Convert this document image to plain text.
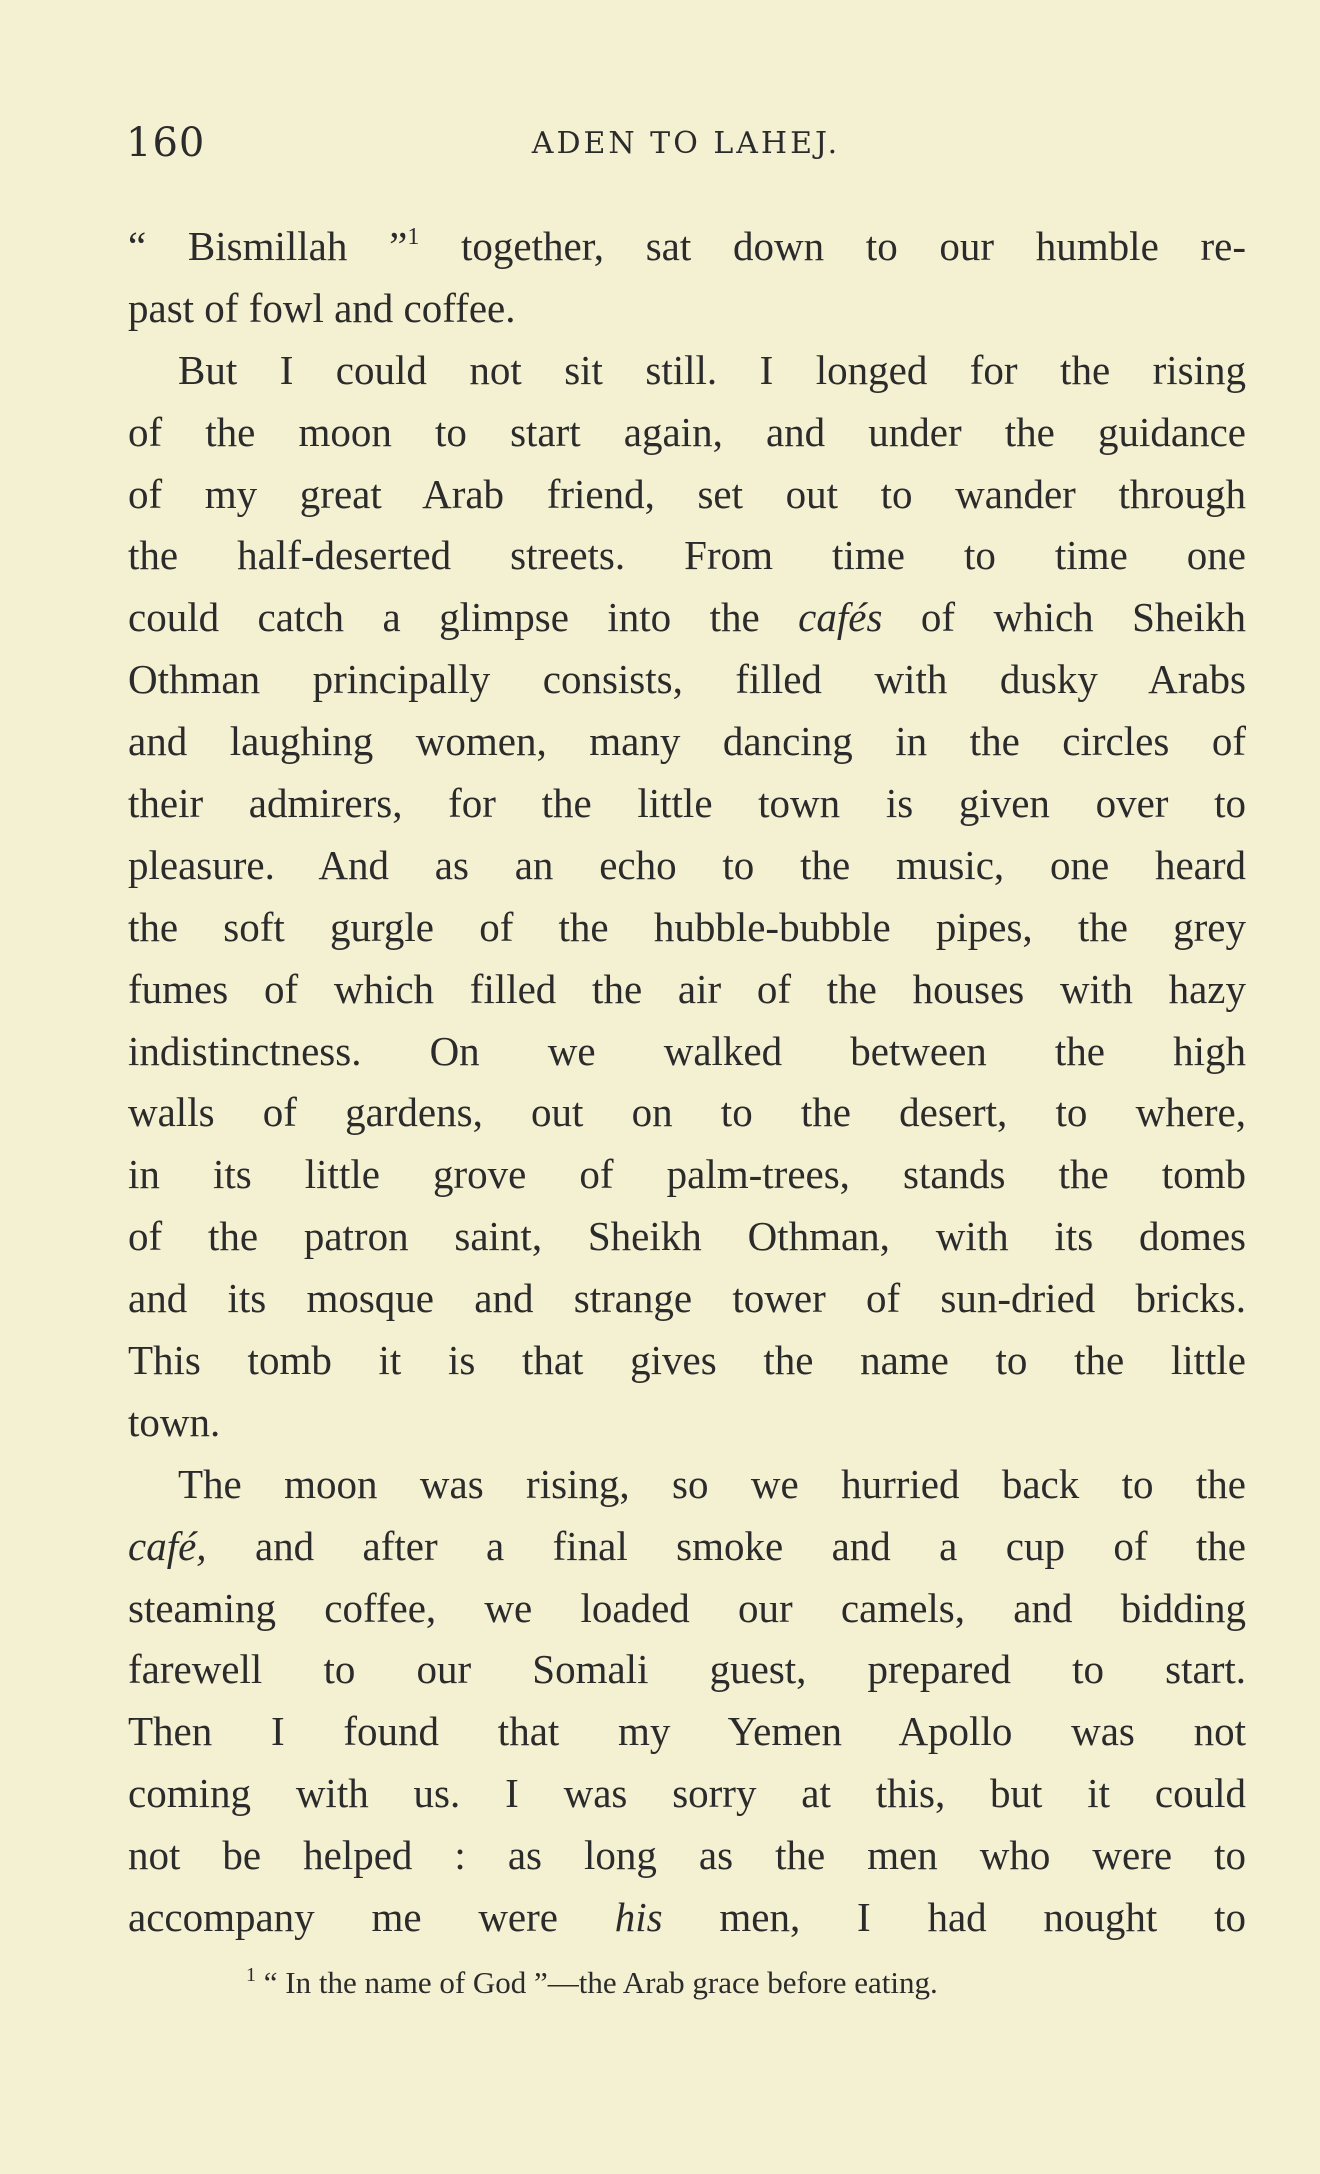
160	ADEN TO LAHEJ.
“ Bismillah ”$^1$ together, sat down to our humble re-
past of fowl and coffee.
But I could not sit still. I longed for the rising
of the moon to start again, and under the guidance
of my great Arab friend, set out to wander through
the half-deserted streets. From time to time one
could catch a glimpse into the cafés of which Sheikh
Othman principally consists, filled with dusky Arabs
and laughing women, many dancing in the circles of
their admirers, for the little town is given over to
pleasure. And as an echo to the music, one heard
the soft gurgle of the hubble-bubble pipes, the grey
fumes of which filled the air of the houses with hazy
indistinctness. On we walked between the high
walls of gardens, out on to the desert, to where,
in its little grove of palm-trees, stands the tomb
of the patron saint, Sheikh Othman, with its domes
and its mosque and strange tower of sun-dried bricks.
This tomb it is that gives the name to the little
town.
The moon was rising, so we hurried back to the
café, and after a final smoke and a cup of the
steaming coffee, we loaded our camels, and bidding
farewell to our Somali guest, prepared to start.
Then I found that my Yemen Apollo was not
coming with us. I was sorry at this, but it could
not be helped : as long as the men who were to
accompany me were his men, I had nought to
$^1$ “ In the name of God ”—the Arab grace before eating.
